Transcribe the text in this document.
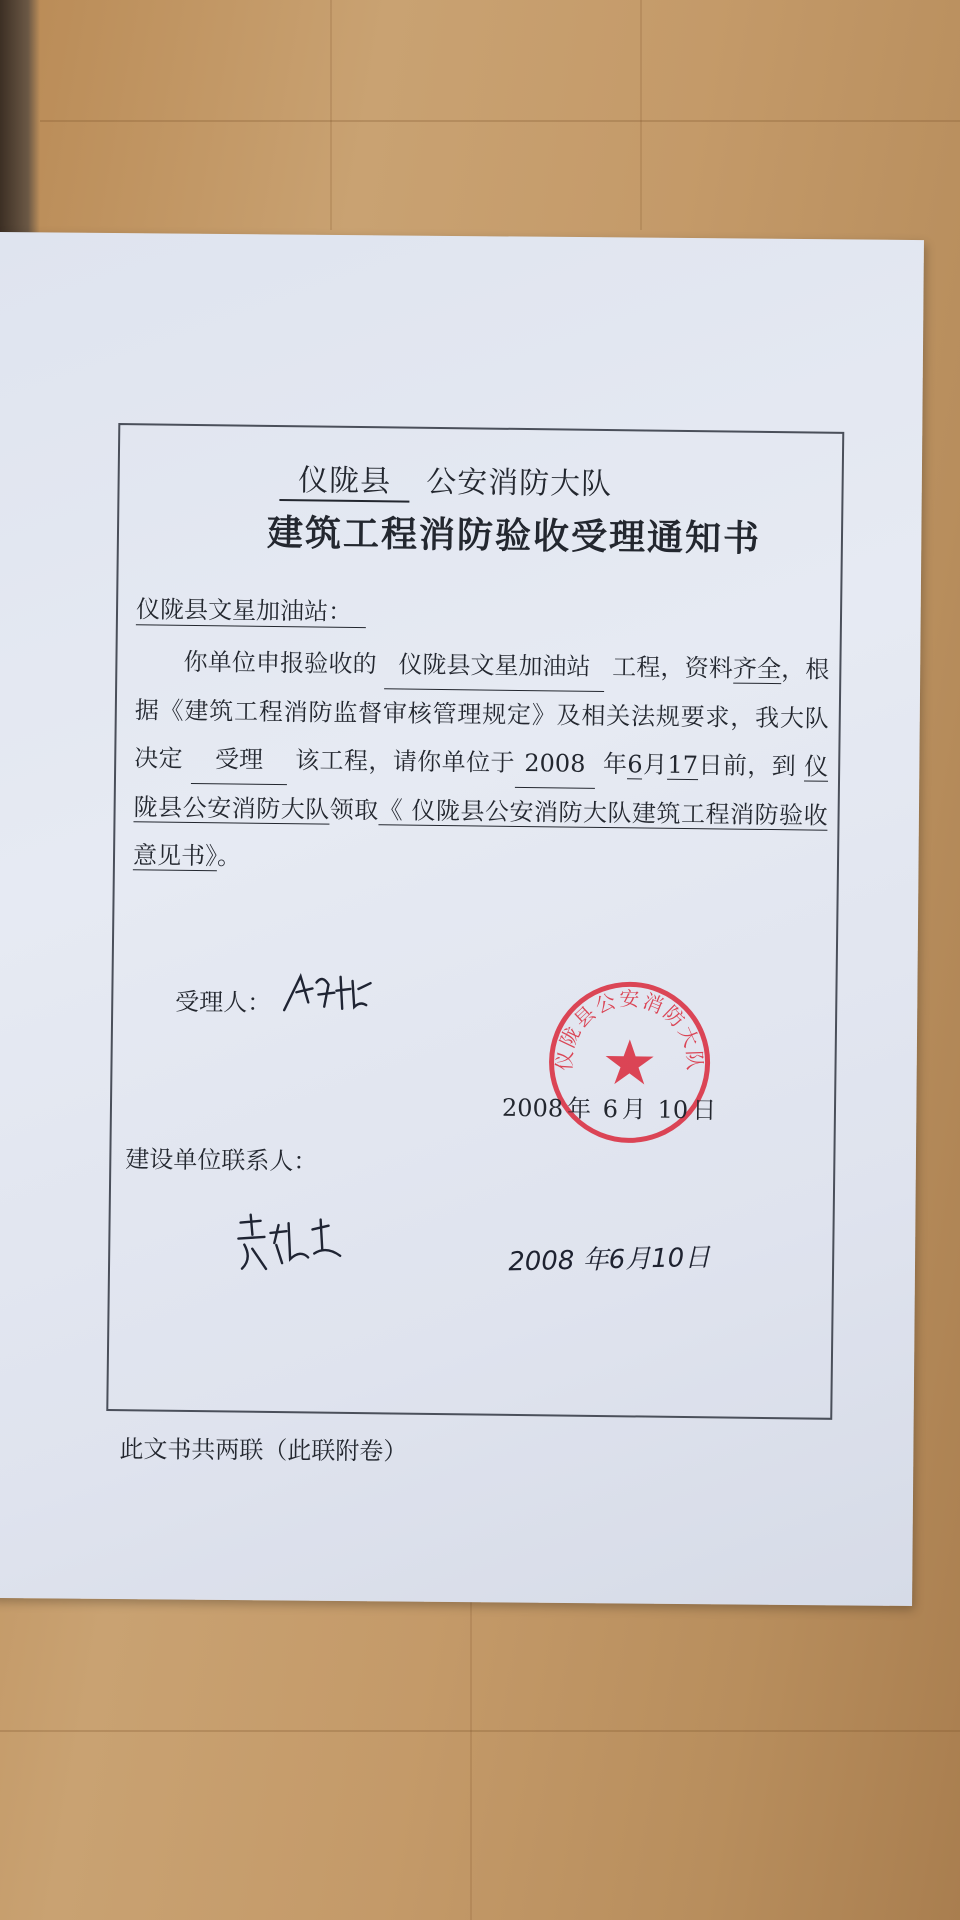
仪陇县 公安消防大队
建筑工程消防验收受理通知书
仪陇县文星加油站：
你单位申报验收的 仪陇县文星加油站 工程，资料齐全，根据《建筑工程消防监督审核管理规定》及相关法规要求，我大队决定 受理 该工程，请你单位于 2008 年6月17日前，到 仪陇县公安消防大队领取《 仪陇县公安消防大队建筑工程消防验收意见书》。
受理人：
仪陇县公安消防大队
2008 年 6 月 10 日
建设单位联系人：
2008 年6月10日
此文书共两联（此联附卷）
